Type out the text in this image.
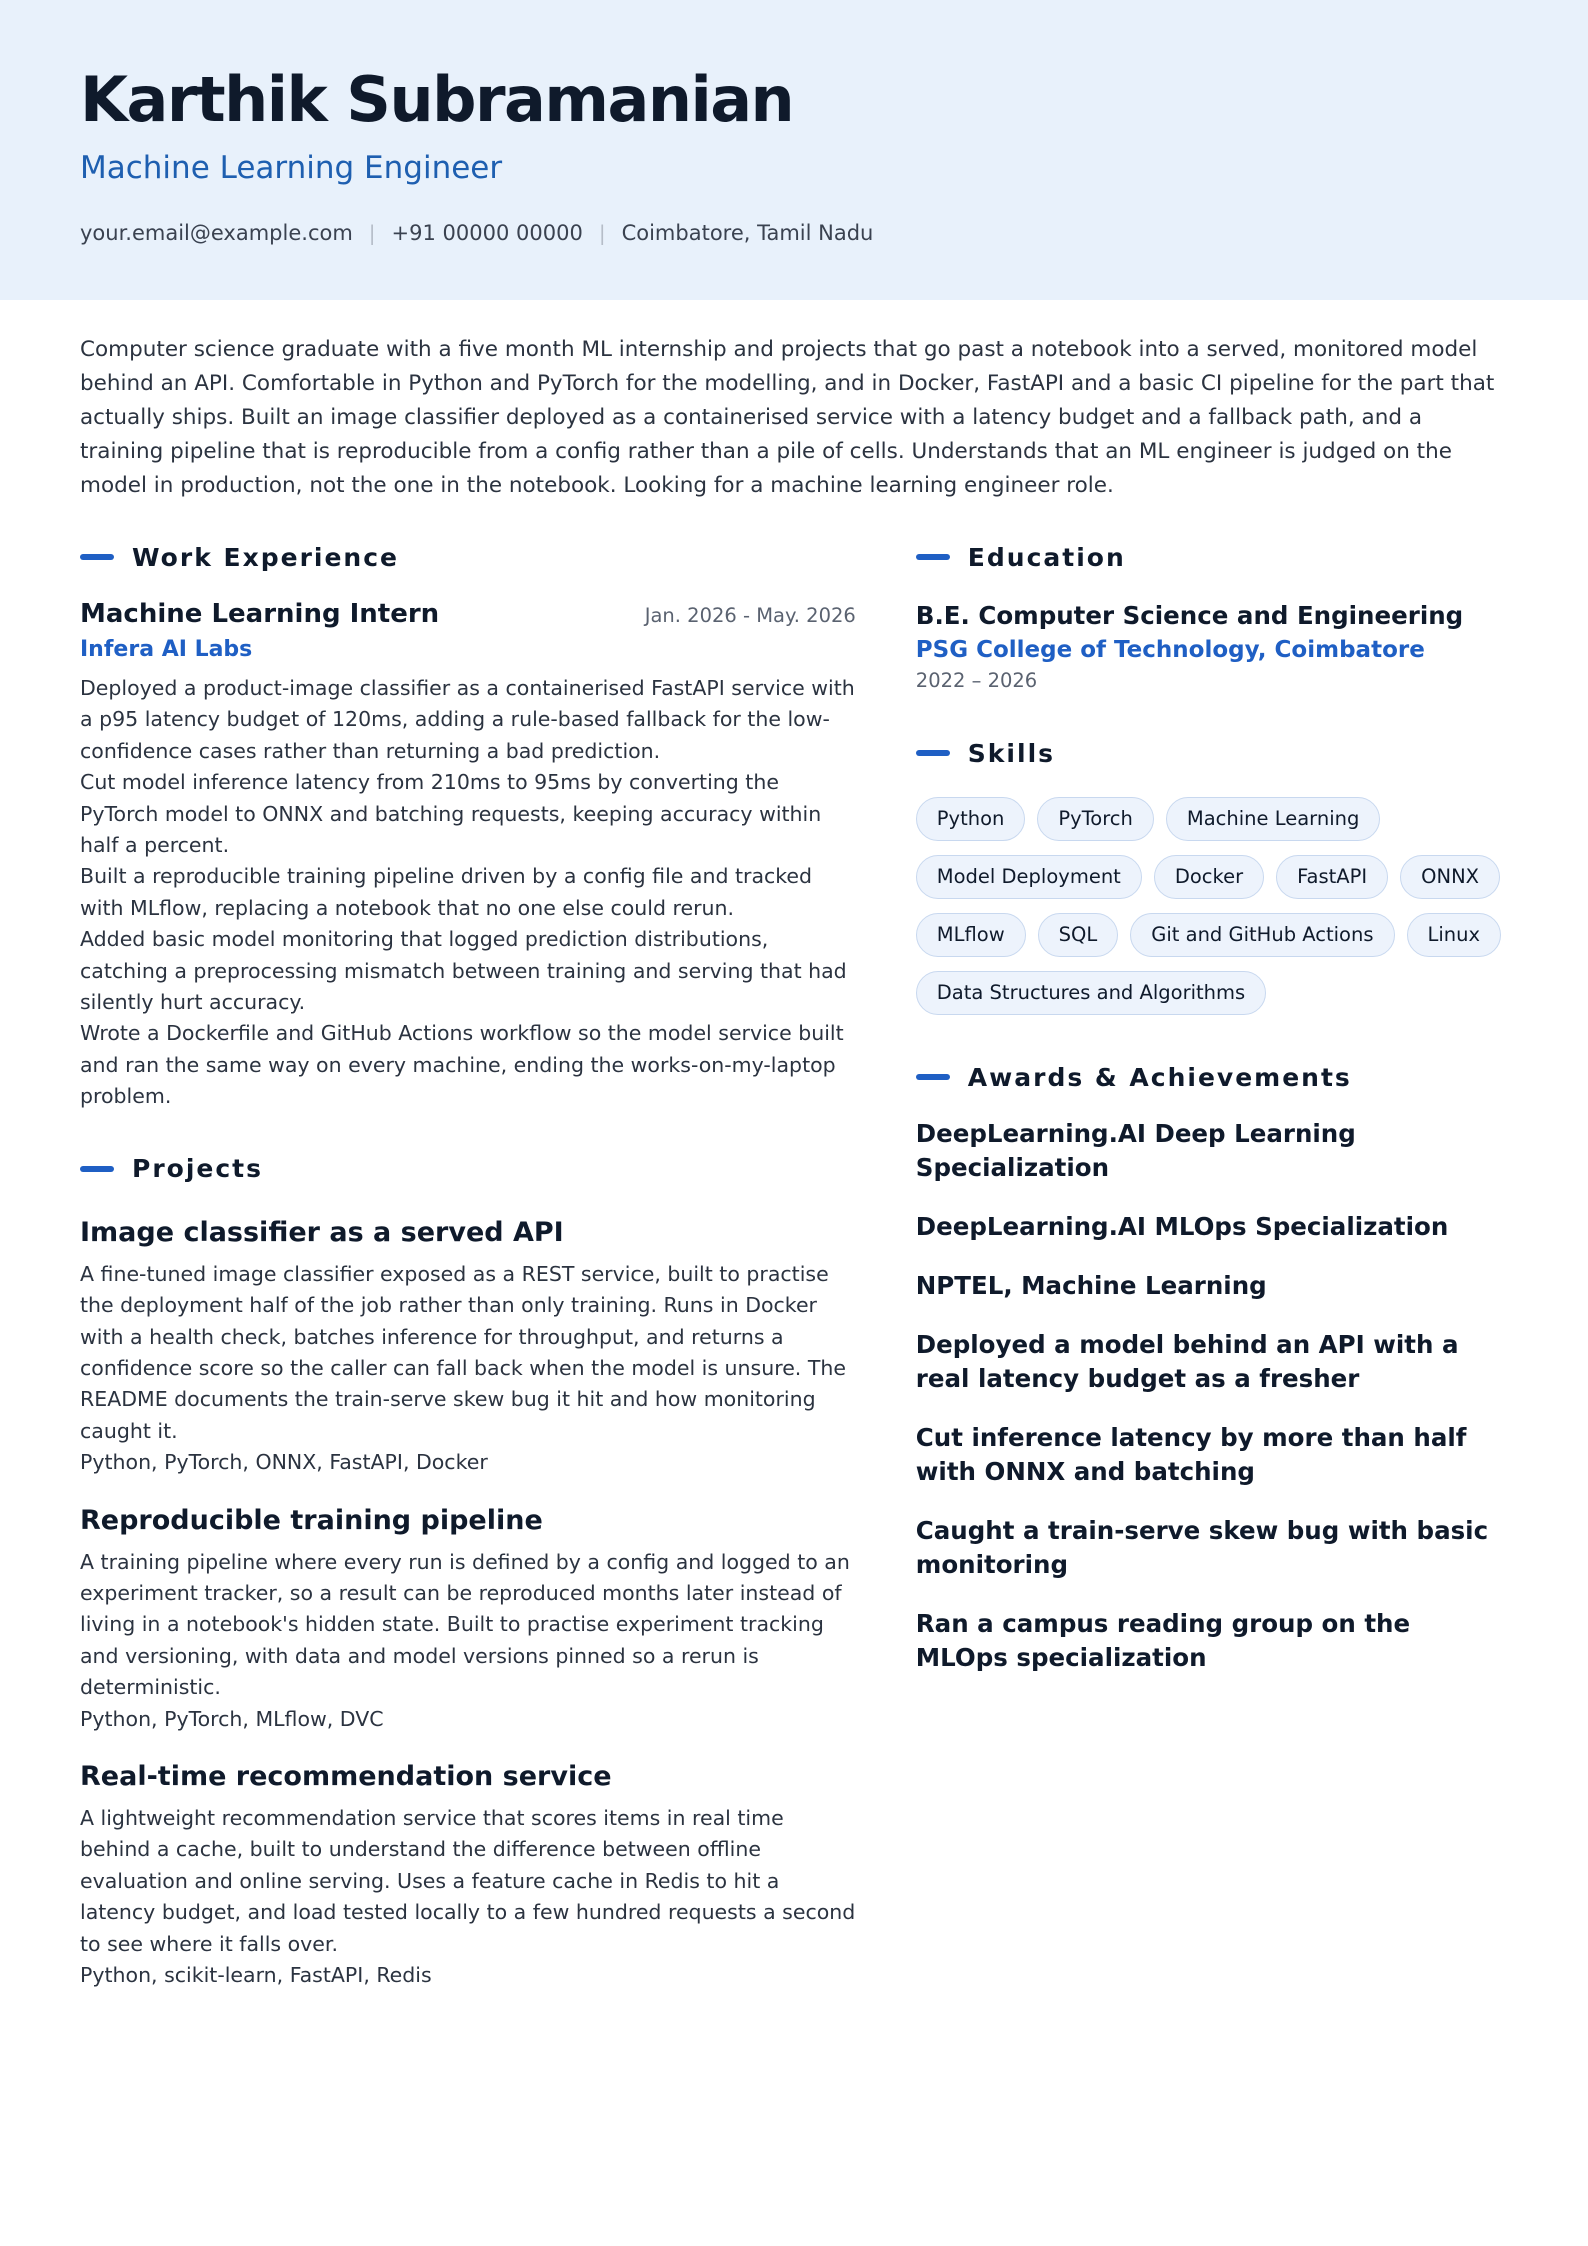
Karthik Subramanian
Machine Learning Engineer
your.email@example.com | +91 00000 00000 | Coimbatore, Tamil Nadu

Computer science graduate with a five month ML internship and projects that go past a notebook into a served, monitored model behind an API. Comfortable in Python and PyTorch for the modelling, and in Docker, FastAPI and a basic CI pipeline for the part that actually ships. Built an image classifier deployed as a containerised service with a latency budget and a fallback path, and a training pipeline that is reproducible from a config rather than a pile of cells. Understands that an ML engineer is judged on the model in production, not the one in the notebook. Looking for a machine learning engineer role.

Work Experience
Machine Learning Intern	Jan. 2026 - May. 2026
Infera AI Labs
Deployed a product-image classifier as a containerised FastAPI service with a p95 latency budget of 120ms, adding a rule-based fallback for the low-confidence cases rather than returning a bad prediction.
Cut model inference latency from 210ms to 95ms by converting the PyTorch model to ONNX and batching requests, keeping accuracy within half a percent.
Built a reproducible training pipeline driven by a config file and tracked with MLflow, replacing a notebook that no one else could rerun.
Added basic model monitoring that logged prediction distributions, catching a preprocessing mismatch between training and serving that had silently hurt accuracy.
Wrote a Dockerfile and GitHub Actions workflow so the model service built and ran the same way on every machine, ending the works-on-my-laptop problem.
Projects
Image classifier as a served API
A fine-tuned image classifier exposed as a REST service, built to practise the deployment half of the job rather than only training. Runs in Docker with a health check, batches inference for throughput, and returns a confidence score so the caller can fall back when the model is unsure. The README documents the train-serve skew bug it hit and how monitoring caught it.
Python, PyTorch, ONNX, FastAPI, Docker
Reproducible training pipeline
A training pipeline where every run is defined by a config and logged to an experiment tracker, so a result can be reproduced months later instead of living in a notebook's hidden state. Built to practise experiment tracking and versioning, with data and model versions pinned so a rerun is deterministic.
Python, PyTorch, MLflow, DVC
Real-time recommendation service
A lightweight recommendation service that scores items in real time behind a cache, built to understand the difference between offline evaluation and online serving. Uses a feature cache in Redis to hit a latency budget, and load tested locally to a few hundred requests a second to see where it falls over.
Python, scikit-learn, FastAPI, Redis
Education
B.E. Computer Science and Engineering
PSG College of Technology, Coimbatore
2022 – 2026
Skills
Python	PyTorch	Machine Learning
Model Deployment	Docker	FastAPI	ONNX
MLflow	SQL	Git and GitHub Actions	Linux
Data Structures and Algorithms
Awards & Achievements
DeepLearning.AI Deep Learning Specialization
DeepLearning.AI MLOps Specialization
NPTEL, Machine Learning
Deployed a model behind an API with a real latency budget as a fresher
Cut inference latency by more than half with ONNX and batching
Caught a train-serve skew bug with basic monitoring
Ran a campus reading group on the MLOps specialization
